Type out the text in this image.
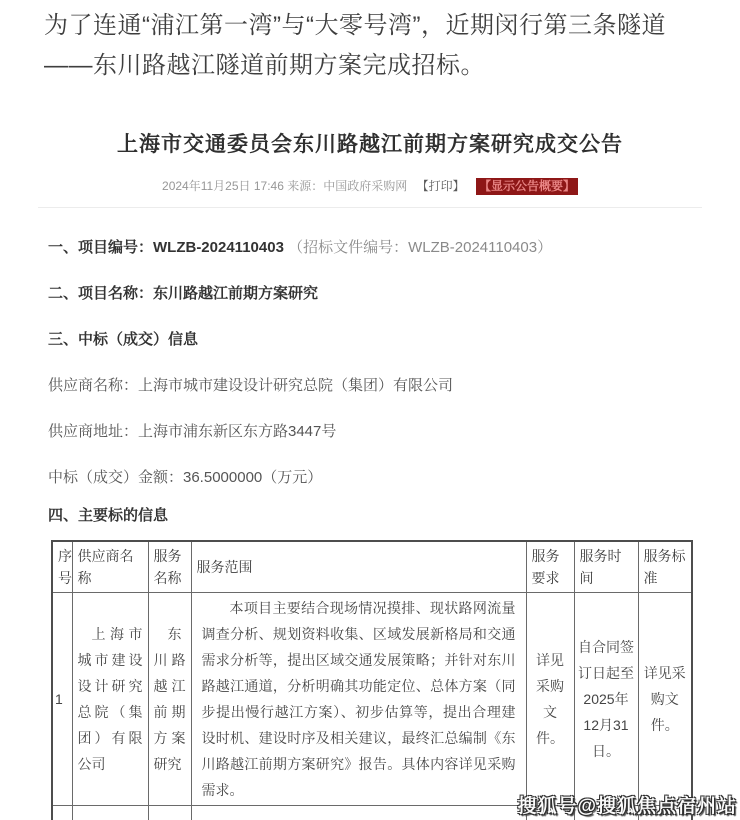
为了连通“浦江第一湾”与“大零号湾”，近期闵行第三条隧道——东川路越江隧道前期方案完成招标。

上海市交通委员会东川路越江前期方案研究成交公告
2024年11月25日 17:46 来源：中国政府采购网 【打印】 【显示公告概要】

一、项目编号：WLZB-2024110403 （招标文件编号：WLZB-2024110403）

二、项目名称：东川路越江前期方案研究

三、中标（成交）信息

供应商名称：上海市城市建设设计研究总院（集团）有限公司

供应商地址：上海市浦东新区东方路3447号

中标（成交）金额：36.5000000（万元）

四、主要标的信息

序号	供应商名称	服务名称	服务范围	服务要求	服务时间	服务标准
1	上海市城市建设设计研究总院（集团）有限公司	东川路越江前期方案研究	本项目主要结合现场情况摸排、现状路网流量调查分析、规划资料收集、区域发展新格局和交通需求分析等，提出区域交通发展策略；并针对东川路越江通道，分析明确其功能定位、总体方案（同步提出慢行越江方案）、初步估算等，提出合理建设时机、建设时序及相关建议，最终汇总编制《东川路越江前期方案研究》报告。具体内容详见采购需求。	详见采购文件。	自合同签订日起至2025年12月31日。	详见采购文件。

搜狐号@搜狐焦点宿州站
